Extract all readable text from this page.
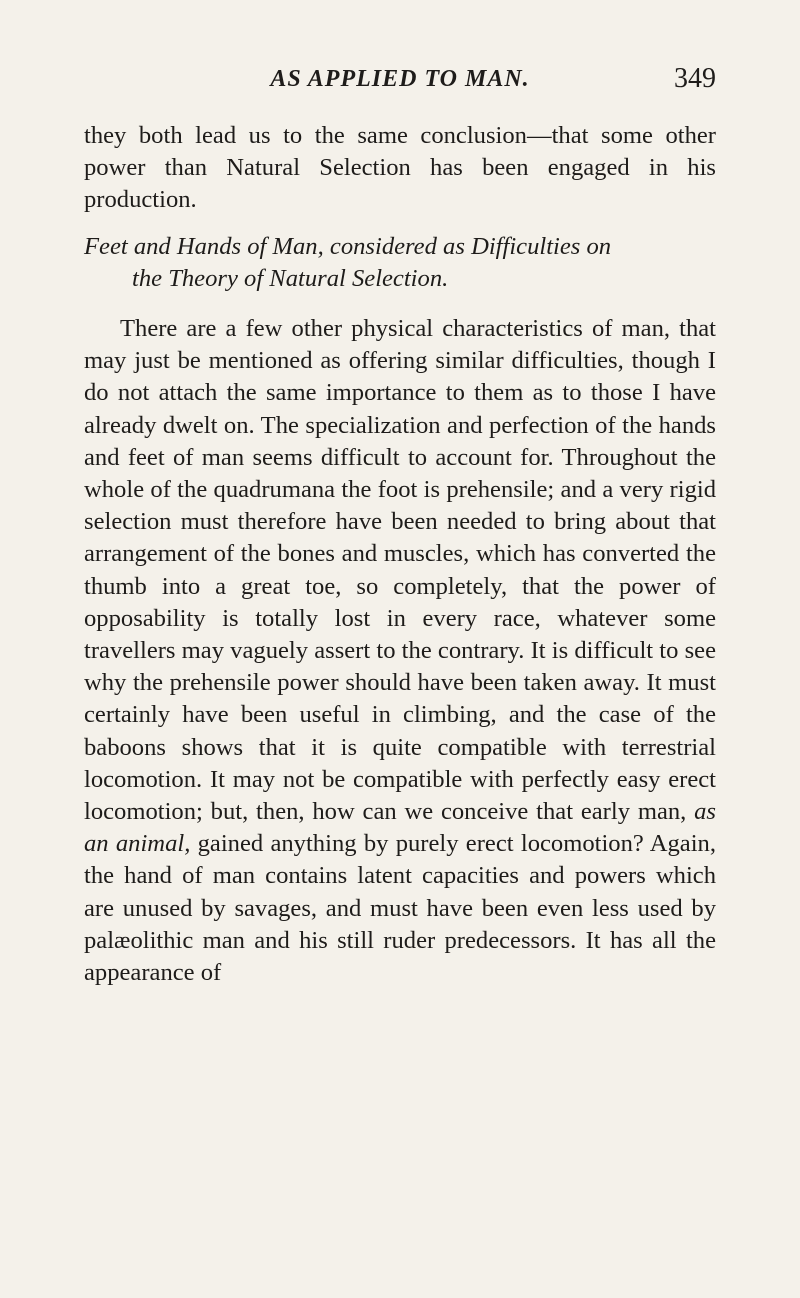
AS APPLIED TO MAN.	349

they both lead us to the same conclusion—that some other power than Natural Selection has been engaged in his production.

Feet and Hands of Man, considered as Difficulties on
the Theory of Natural Selection.

There are a few other physical characteristics of man, that may just be mentioned as offering similar difficulties, though I do not attach the same importance to them as to those I have already dwelt on. The specialization and perfection of the hands and feet of man seems difficult to account for. Throughout the whole of the quadrumana the foot is prehensile; and a very rigid selection must therefore have been needed to bring about that arrangement of the bones and muscles, which has converted the thumb into a great toe, so completely, that the power of opposability is totally lost in every race, whatever some travellers may vaguely assert to the contrary. It is difficult to see why the prehensile power should have been taken away. It must certainly have been useful in climbing, and the case of the baboons shows that it is quite compatible with terrestrial locomotion. It may not be compatible with perfectly easy erect locomotion; but, then, how can we conceive that early man, as an animal, gained anything by purely erect locomotion? Again, the hand of man contains latent capacities and powers which are unused by savages, and must have been even less used by palæolithic man and his still ruder predecessors. It has all the appearance of
